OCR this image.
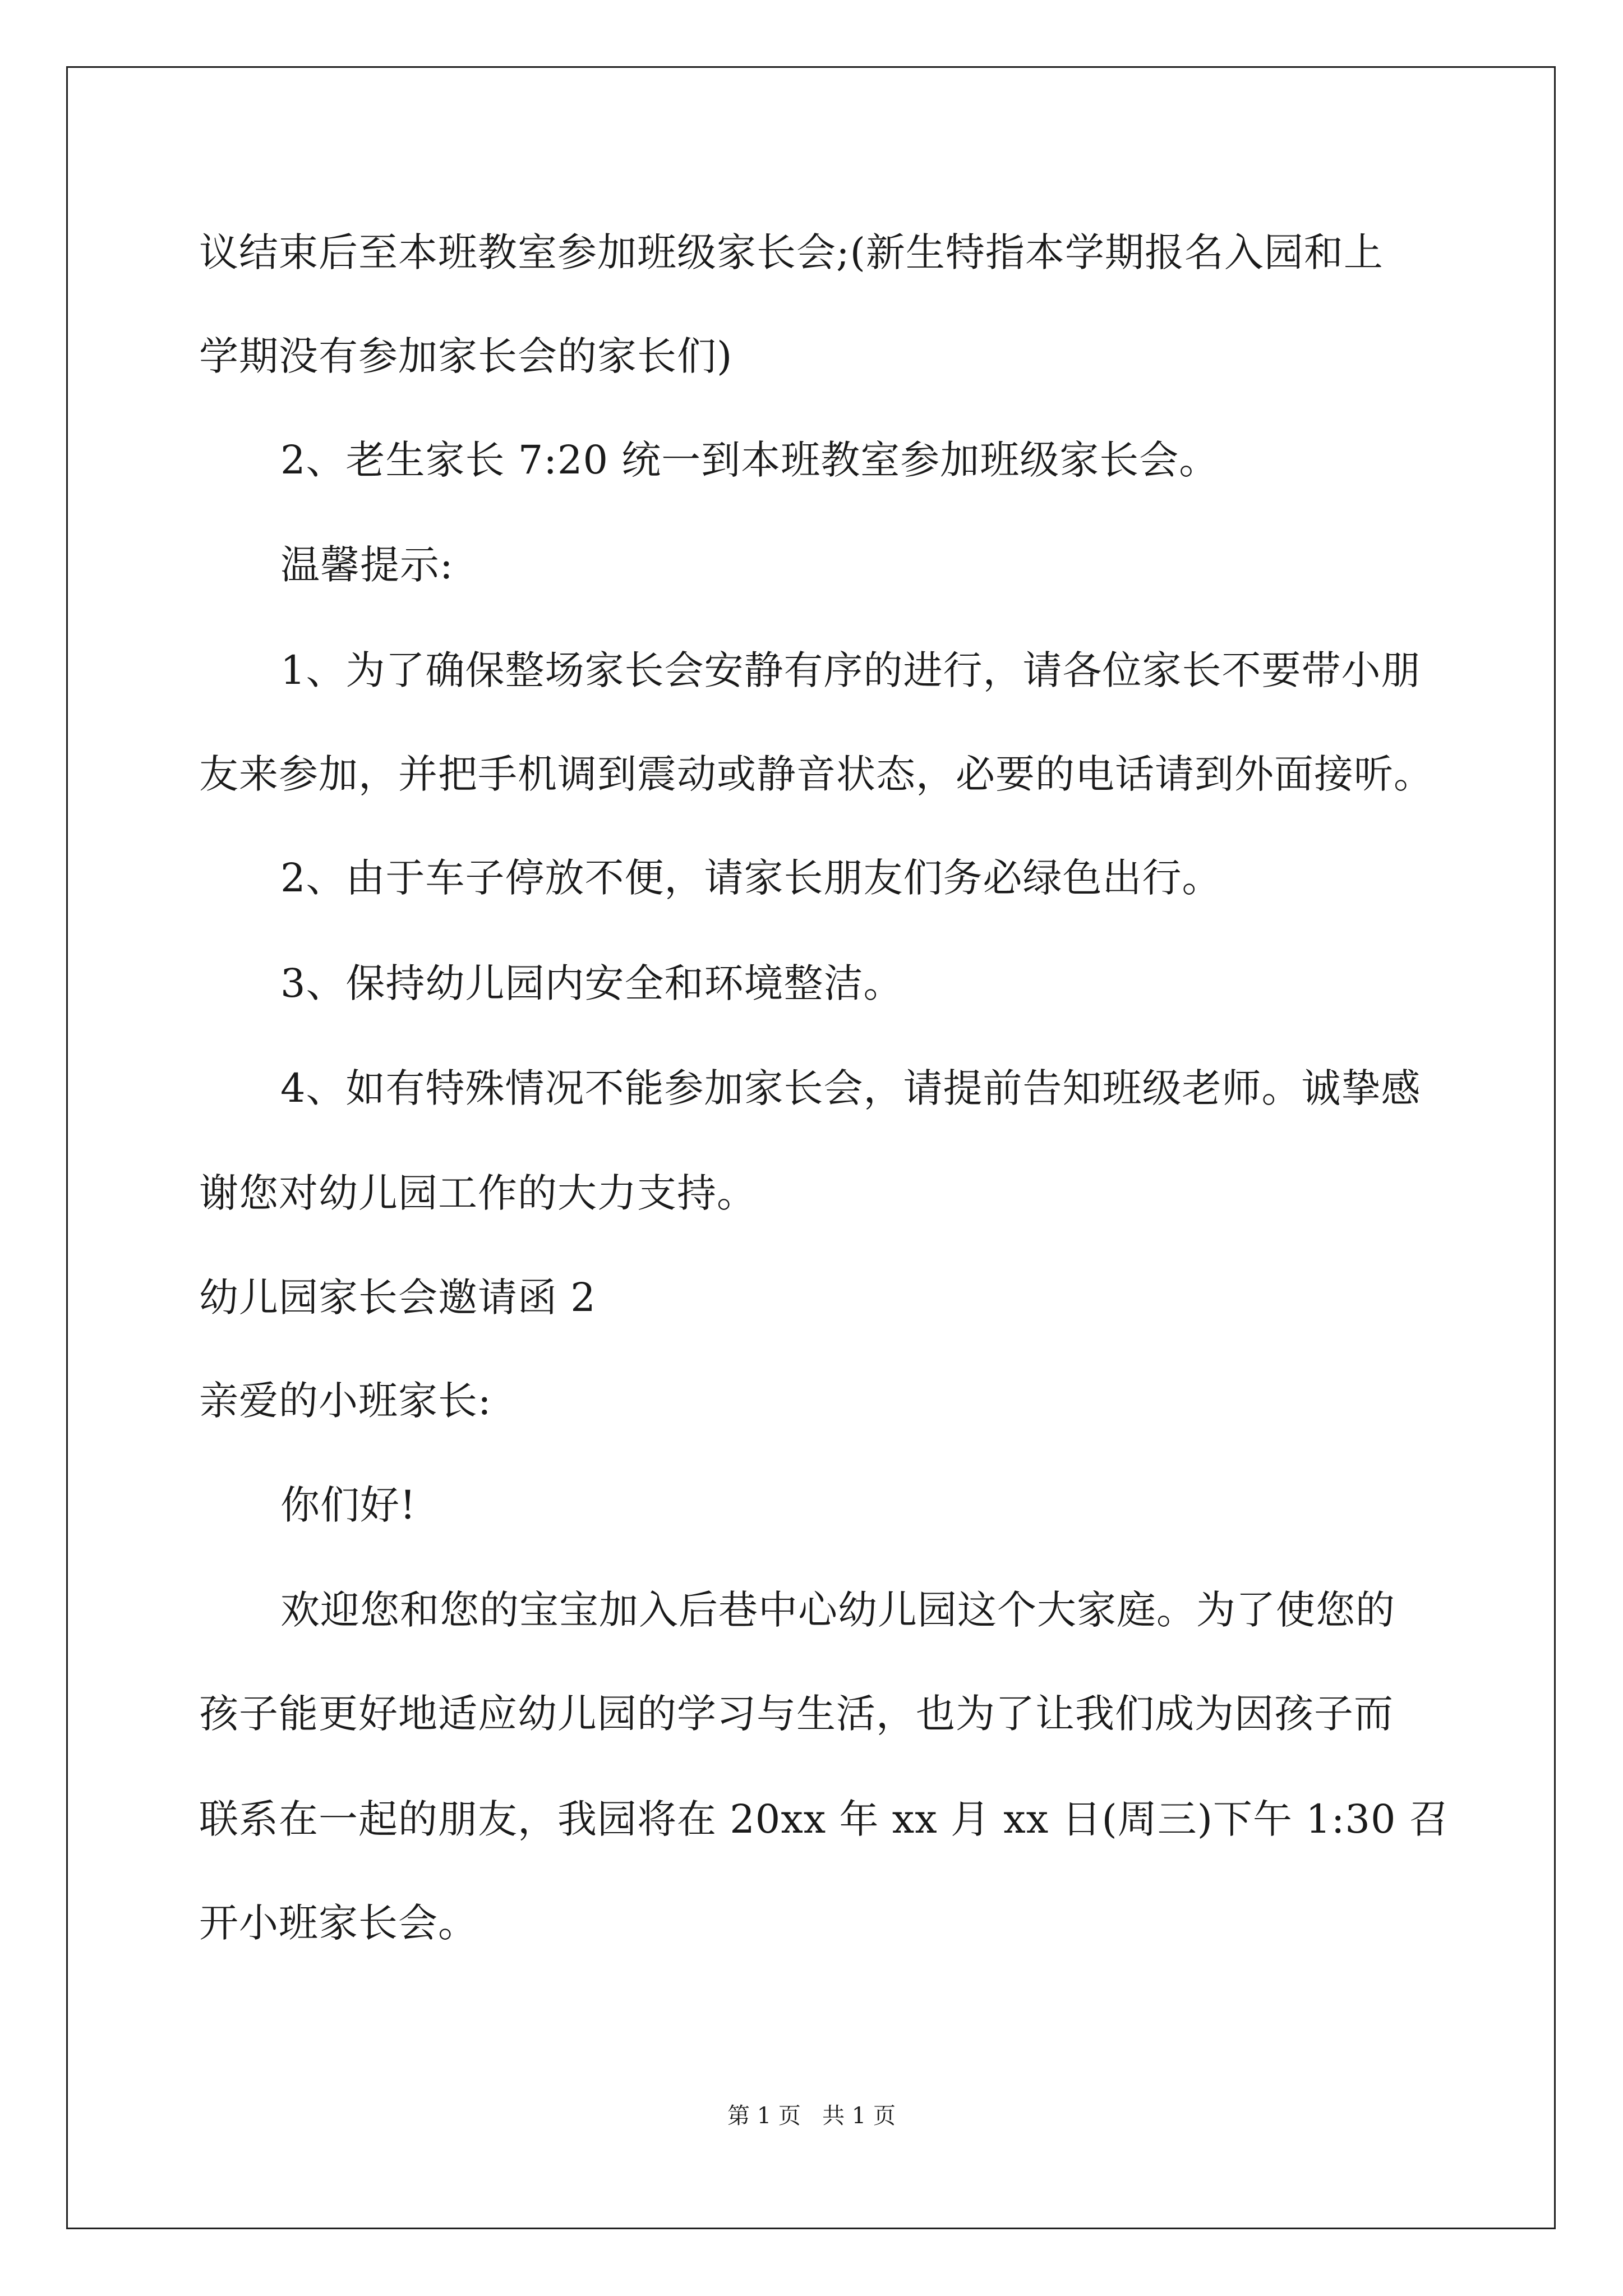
议结束后至本班教室参加班级家长会;(新生特指本学期报名入园和上
学期没有参加家长会的家长们)
2、老生家长 7:20 统一到本班教室参加班级家长会。
温馨提示:
1、为了确保整场家长会安静有序的进行，请各位家长不要带小朋
友来参加，并把手机调到震动或静音状态，必要的电话请到外面接听。
2、由于车子停放不便，请家长朋友们务必绿色出行。
3、保持幼儿园内安全和环境整洁。
4、如有特殊情况不能参加家长会，请提前告知班级老师。诚挚感
谢您对幼儿园工作的大力支持。
幼儿园家长会邀请函 2
亲爱的小班家长:
你们好!
欢迎您和您的宝宝加入后巷中心幼儿园这个大家庭。为了使您的
孩子能更好地适应幼儿园的学习与生活，也为了让我们成为因孩子而
联系在一起的朋友，我园将在 20xx 年 xx 月 xx 日(周三)下午 1:30 召
开小班家长会。
第 1 页   共 1 页
